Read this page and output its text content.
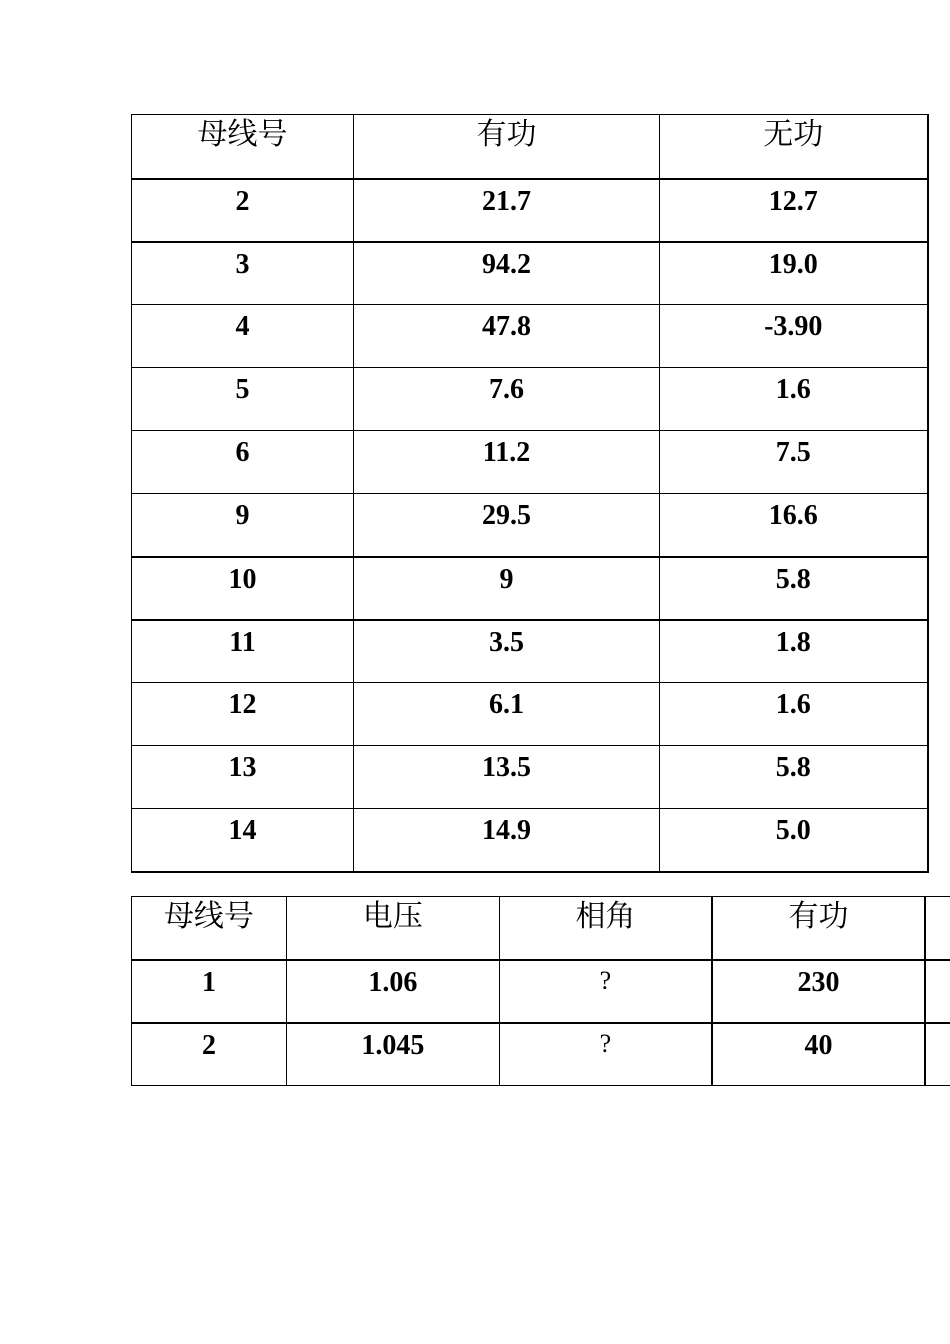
母线号	有功	无功

2	21.7	12.7

3	94.2	19.0

4	47.8	-3.90

5	7.6	1.6

6	11.2	7.5

9	29.5	16.6

10	9	5.8

11	3.5	1.8

12	6.1	1.6

13	13.5	5.8

14	14.9	5.0
母线号	电压	相角	有功	

1	1.06	?	230	

2	1.045	?	40	
